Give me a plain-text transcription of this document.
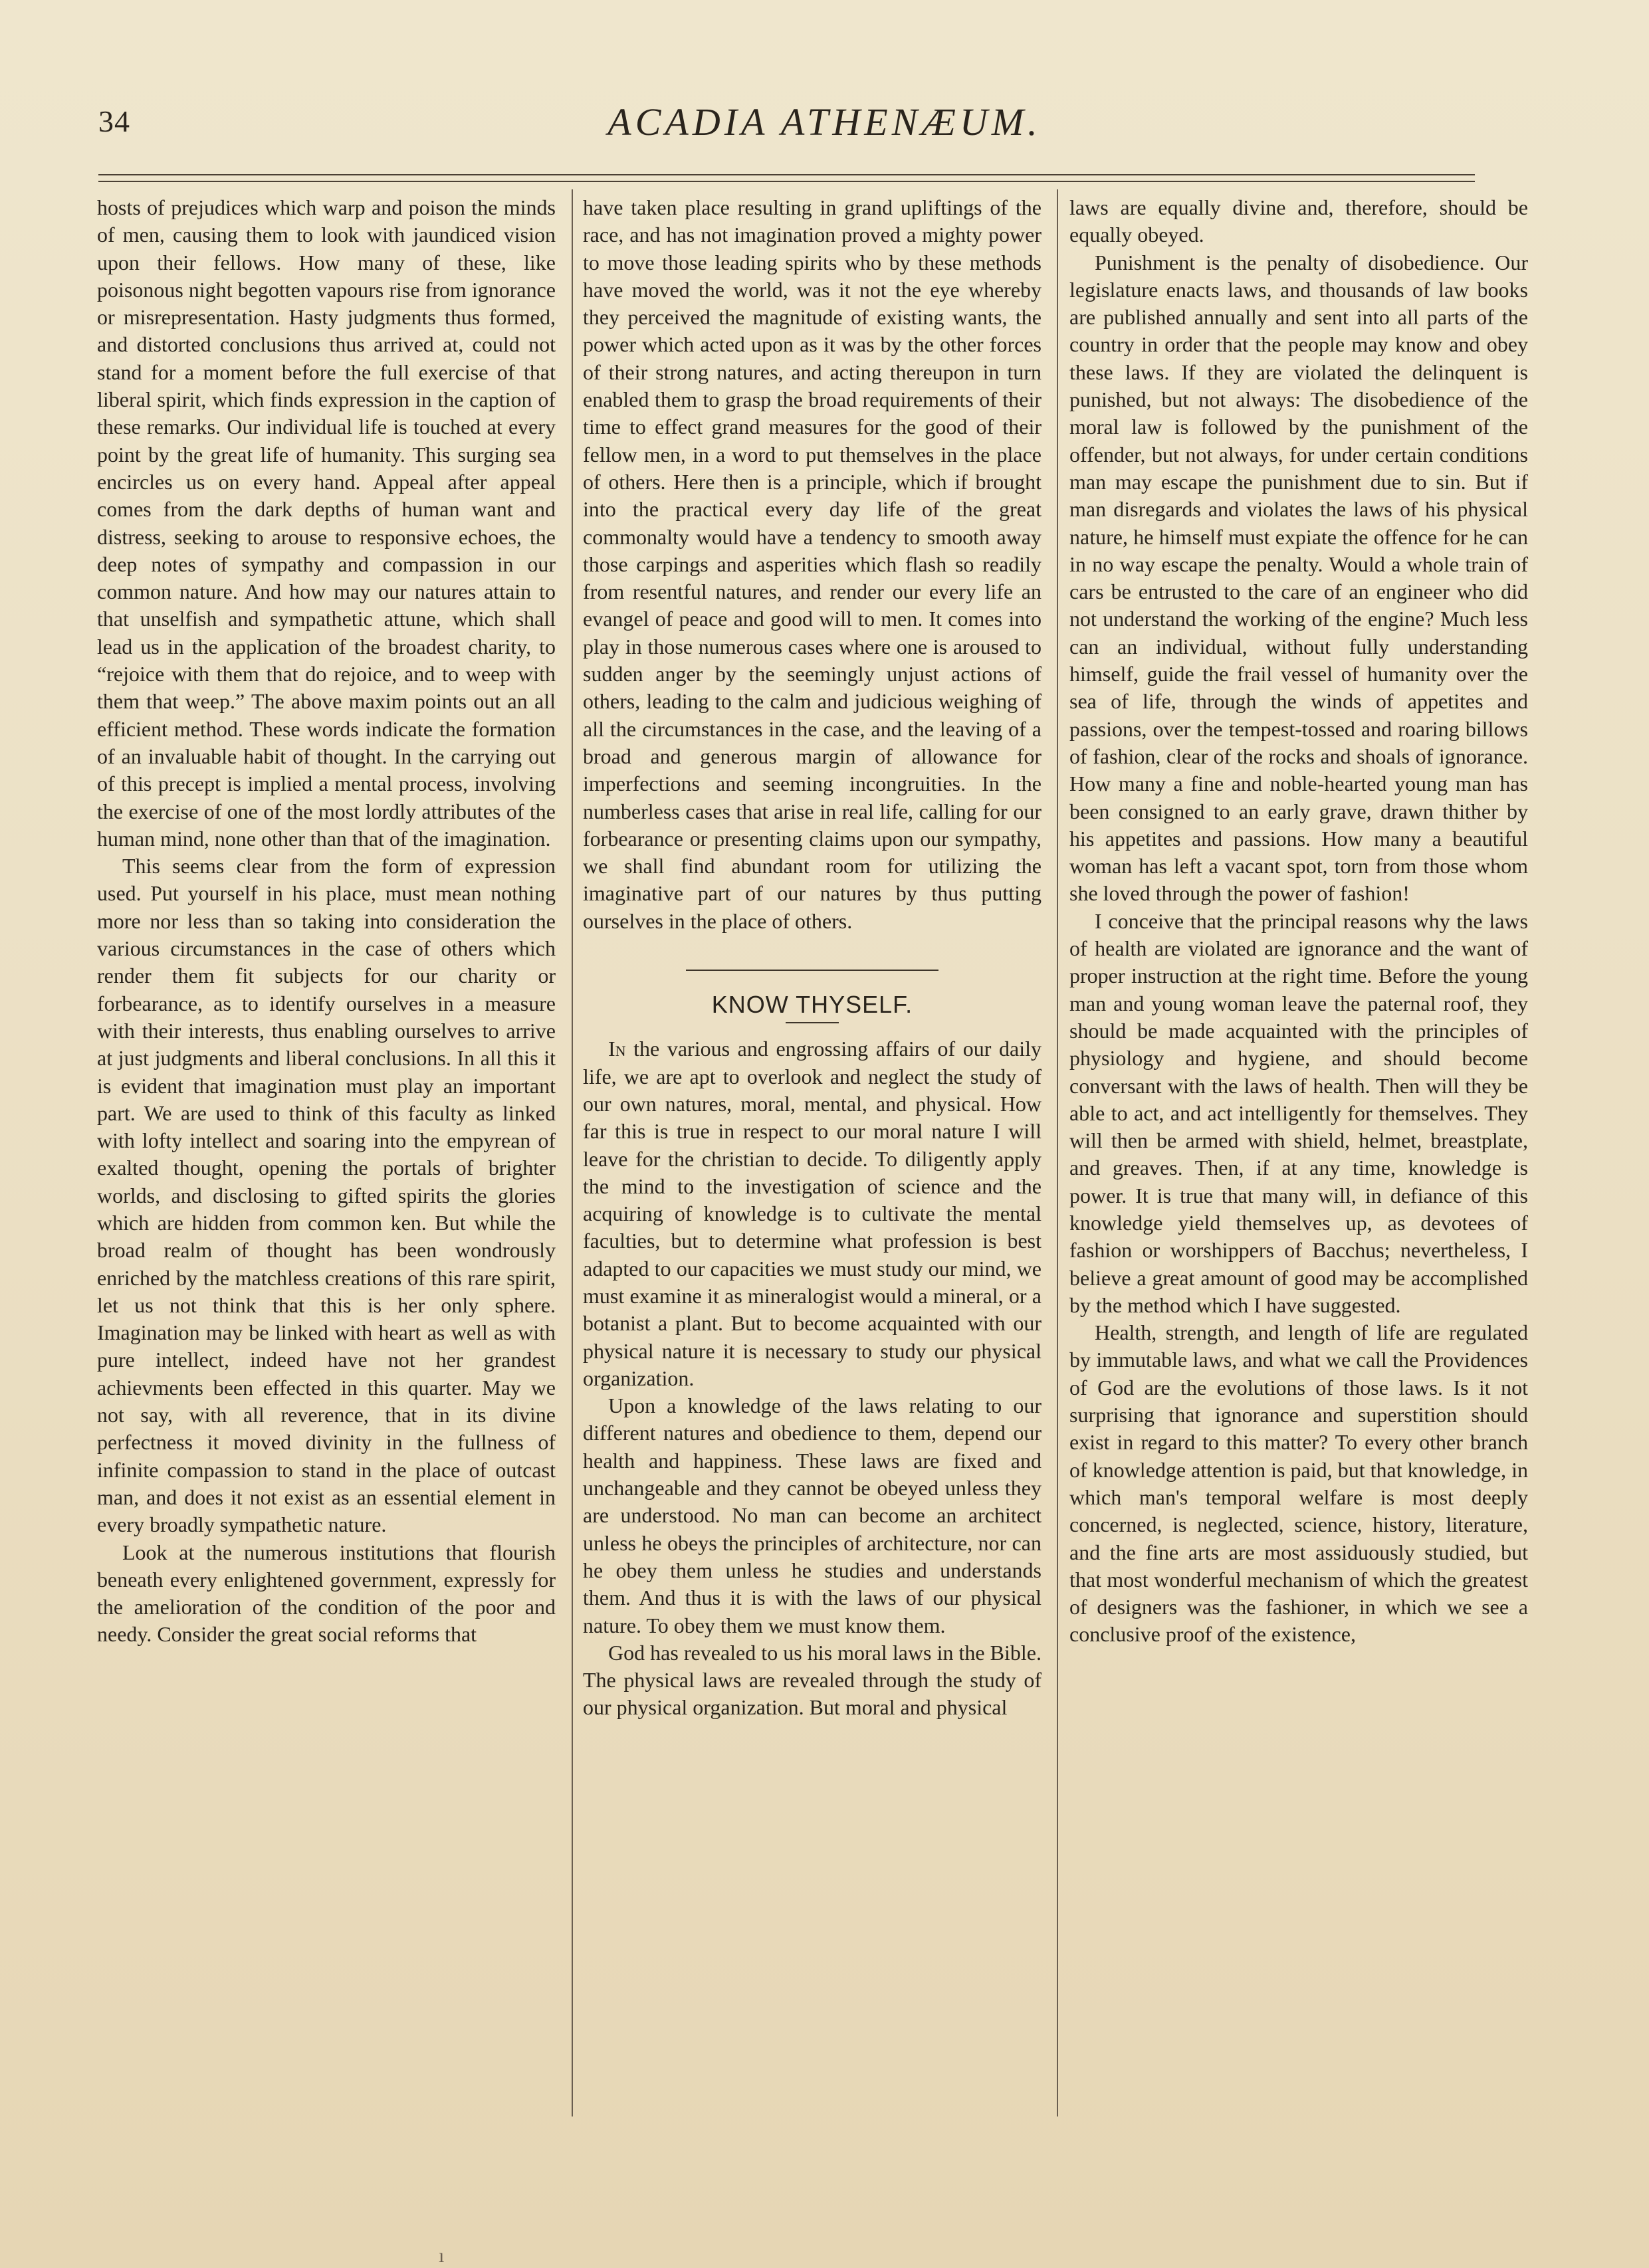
34	ACADIA ATHENÆUM.

hosts of prejudices which warp and poison the minds of men, causing them to look with jaundiced vision upon their fellows. How many of these, like poisonous night begotten vapours rise from ignorance or misrepresentation. Hasty judgments thus formed, and distorted conclusions thus arrived at, could not stand for a moment before the full exercise of that liberal spirit, which finds expression in the caption of these remarks. Our individual life is touched at every point by the great life of humanity. This surging sea encircles us on every hand. Appeal after appeal comes from the dark depths of human want and distress, seeking to arouse to responsive echoes, the deep notes of sympathy and compassion in our common nature. And how may our natures attain to that unselfish and sympathetic attune, which shall lead us in the application of the broadest charity, to “rejoice with them that do rejoice, and to weep with them that weep.” The above maxim points out an all efficient method. These words indicate the formation of an invaluable habit of thought. In the carrying out of this precept is implied a mental process, involving the exercise of one of the most lordly attributes of the human mind, none other than that of the imagination.

This seems clear from the form of expression used. Put yourself in his place, must mean nothing more nor less than so taking into consideration the various circumstances in the case of others which render them fit subjects for our charity or forbearance, as to identify ourselves in a measure with their interests, thus enabling ourselves to arrive at just judgments and liberal conclusions. In all this it is evident that imagination must play an important part. We are used to think of this faculty as linked with lofty intellect and soaring into the empyrean of exalted thought, opening the portals of brighter worlds, and disclosing to gifted spirits the glories which are hidden from common ken. But while the broad realm of thought has been wondrously enriched by the matchless creations of this rare spirit, let us not think that this is her only sphere. Imagination may be linked with heart as well as with pure intellect, indeed have not her grandest achievments been effected in this quarter. May we not say, with all reverence, that in its divine perfectness it moved divinity in the fullness of infinite compassion to stand in the place of outcast man, and does it not exist as an essential element in every broadly sympathetic nature.

Look at the numerous institutions that flourish beneath every enlightened government, expressly for the amelioration of the condition of the poor and needy. Consider the great social reforms that

have taken place resulting in grand upliftings of the race, and has not imagination proved a mighty power to move those leading spirits who by these methods have moved the world, was it not the eye whereby they perceived the magnitude of existing wants, the power which acted upon as it was by the other forces of their strong natures, and acting thereupon in turn enabled them to grasp the broad requirements of their time to effect grand measures for the good of their fellow men, in a word to put themselves in the place of others. Here then is a principle, which if brought into the practical every day life of the great commonalty would have a tendency to smooth away those carpings and asperities which flash so readily from resentful natures, and render our every life an evangel of peace and good will to men. It comes into play in those numerous cases where one is aroused to sudden anger by the seemingly unjust actions of others, leading to the calm and judicious weighing of all the circumstances in the case, and the leaving of a broad and generous margin of allowance for imperfections and seeming incongruities. In the numberless cases that arise in real life, calling for our forbearance or presenting claims upon our sympathy, we shall find abundant room for utilizing the imaginative part of our natures by thus putting ourselves in the place of others.

KNOW THYSELF.

In the various and engrossing affairs of our daily life, we are apt to overlook and neglect the study of our own natures, moral, mental, and physical. How far this is true in respect to our moral nature I will leave for the christian to decide. To diligently apply the mind to the investigation of science and the acquiring of knowledge is to cultivate the mental faculties, but to determine what profession is best adapted to our capacities we must study our mind, we must examine it as mineralogist would a mineral, or a botanist a plant. But to become acquainted with our physical nature it is necessary to study our physical organization.

Upon a knowledge of the laws relating to our different natures and obedience to them, depend our health and happiness. These laws are fixed and unchangeable and they cannot be obeyed unless they are understood. No man can become an architect unless he obeys the principles of architecture, nor can he obey them unless he studies and understands them. And thus it is with the laws of our physical nature. To obey them we must know them.

God has revealed to us his moral laws in the Bible. The physical laws are revealed through the study of our physical organization. But moral and physical

laws are equally divine and, therefore, should be equally obeyed.

Punishment is the penalty of disobedience. Our legislature enacts laws, and thousands of law books are published annually and sent into all parts of the country in order that the people may know and obey these laws. If they are violated the delinquent is punished, but not always: The disobedience of the moral law is followed by the punishment of the offender, but not always, for under certain conditions man may escape the punishment due to sin. But if man disregards and violates the laws of his physical nature, he himself must expiate the offence for he can in no way escape the penalty. Would a whole train of cars be entrusted to the care of an engineer who did not understand the working of the engine? Much less can an individual, without fully understanding himself, guide the frail vessel of humanity over the sea of life, through the winds of appetites and passions, over the tempest-tossed and roaring billows of fashion, clear of the rocks and shoals of ignorance. How many a fine and noble-hearted young man has been consigned to an early grave, drawn thither by his appetites and passions. How many a beautiful woman has left a vacant spot, torn from those whom she loved through the power of fashion!

I conceive that the principal reasons why the laws of health are violated are ignorance and the want of proper instruction at the right time. Before the young man and young woman leave the paternal roof, they should be made acquainted with the principles of physiology and hygiene, and should become conversant with the laws of health. Then will they be able to act, and act intelligently for themselves. They will then be armed with shield, helmet, breastplate, and greaves. Then, if at any time, knowledge is power. It is true that many will, in defiance of this knowledge yield themselves up, as devotees of fashion or worshippers of Bacchus; nevertheless, I believe a great amount of good may be accomplished by the method which I have suggested.

Health, strength, and length of life are regulated by immutable laws, and what we call the Providences of God are the evolutions of those laws. Is it not surprising that ignorance and superstition should exist in regard to this matter? To every other branch of knowledge attention is paid, but that knowledge, in which man's temporal welfare is most deeply concerned, is neglected, science, history, literature, and the fine arts are most assiduously studied, but that most wonderful mechanism of which the greatest of designers was the fashioner, in which we see a conclusive proof of the existence,

ı
